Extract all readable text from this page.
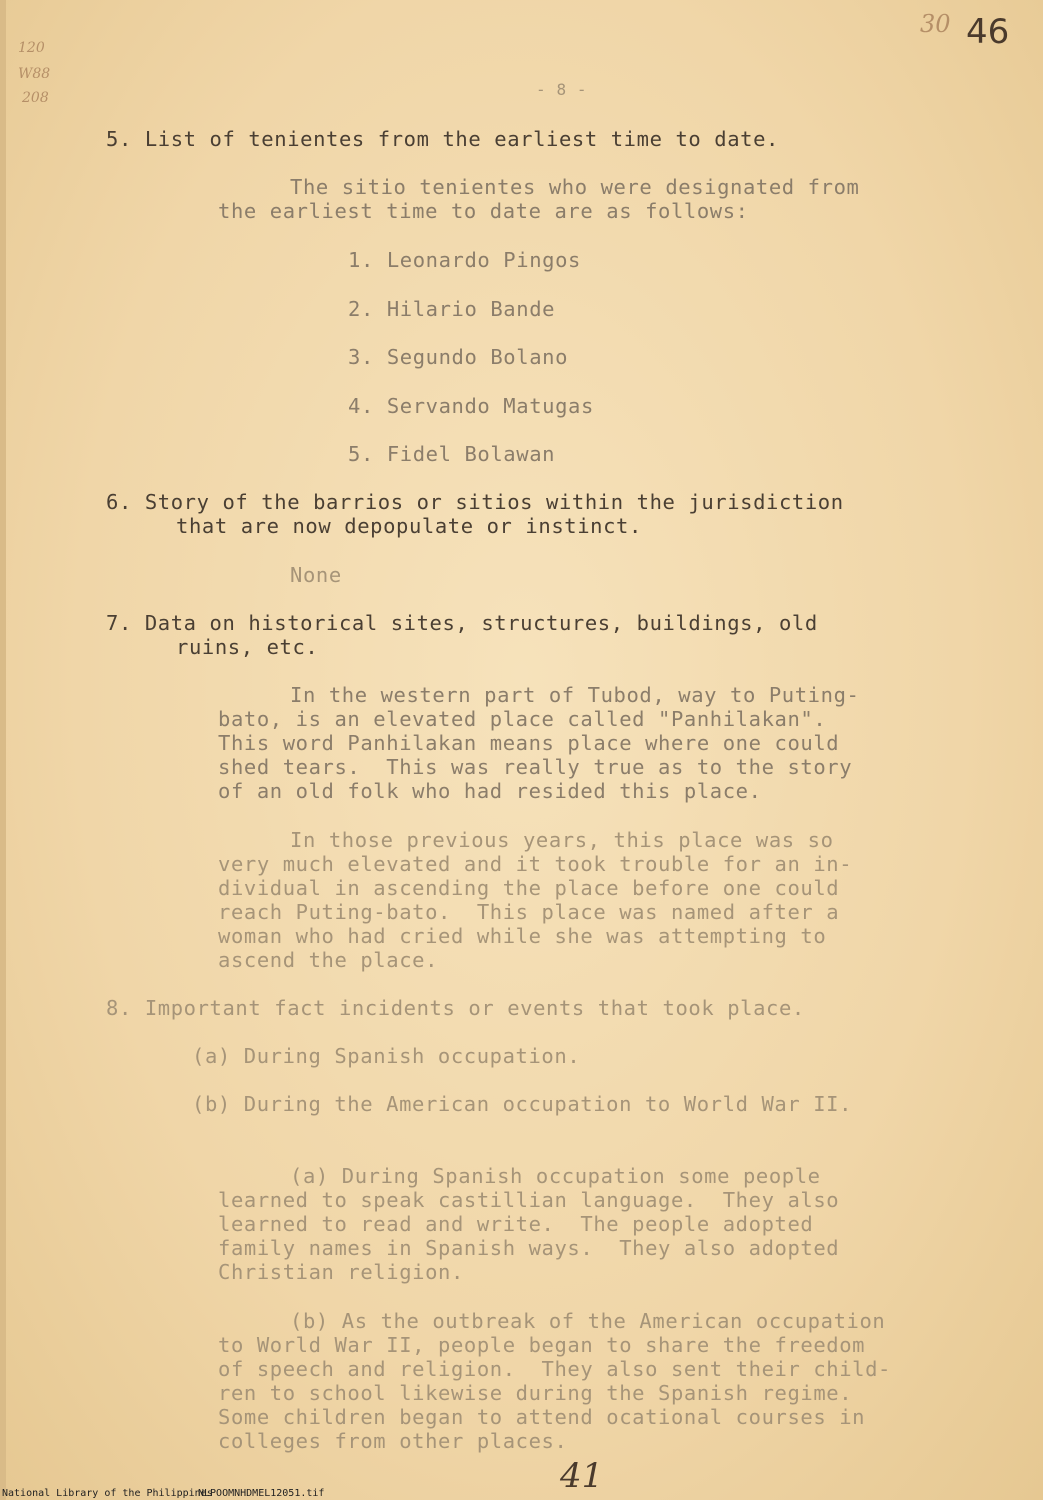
120
W88
208
30 46
- 8 -
5. List of tenientes from the earliest time to date.
The sitio tenientes who were designated from
the earliest time to date are as follows:
1. Leonardo Pingos
2. Hilario Bande
3. Segundo Bolano
4. Servando Matugas
5. Fidel Bolawan
6. Story of the barrios or sitios within the jurisdiction
that are now depopulate or instinct.
None
7. Data on historical sites, structures, buildings, old
ruins, etc.
In the western part of Tubod, way to Puting-
bato, is an elevated place called "Panhilakan".
This word Panhilakan means place where one could
shed tears.  This was really true as to the story
of an old folk who had resided this place.
In those previous years, this place was so
very much elevated and it took trouble for an in-
dividual in ascending the place before one could
reach Puting-bato.  This place was named after a
woman who had cried while she was attempting to
ascend the place.
8. Important fact incidents or events that took place.
(a) During Spanish occupation.
(b) During the American occupation to World War II.
(a) During Spanish occupation some people
learned to speak castillian language.  They also
learned to read and write.  The people adopted
family names in Spanish ways.  They also adopted
Christian religion.
(b) As the outbreak of the American occupation
to World War II, people began to share the freedom
of speech and religion.  They also sent their child-
ren to school likewise during the Spanish regime.
Some children began to attend ocational courses in
colleges from other places.
41
National Library of the Philippines
NLPOOMNHDMEL12051.tif
